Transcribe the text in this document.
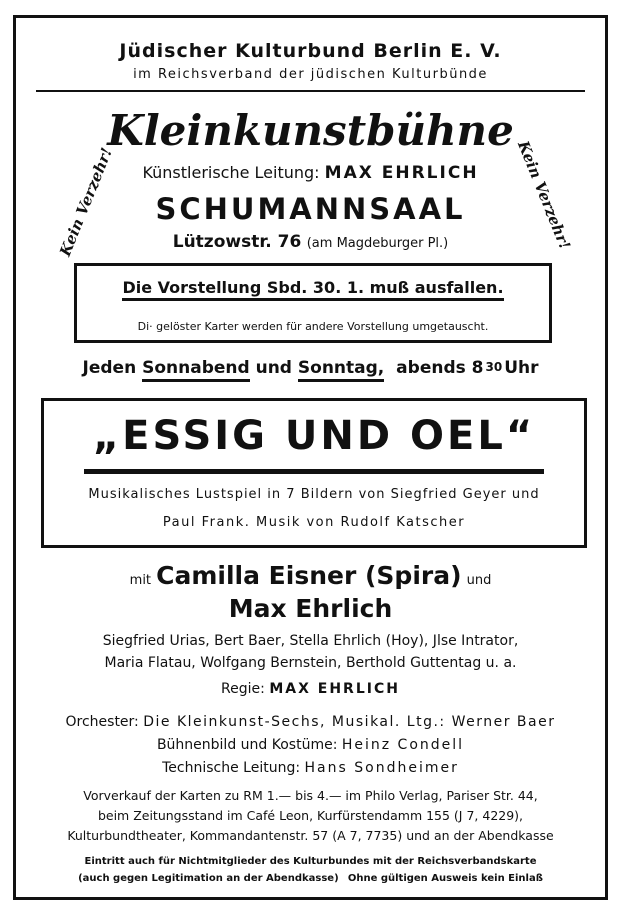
Jüdischer Kulturbund Berlin E. V.
im Reichsverband der jüdischen Kulturbünde
Kein Verzehr!	Kein Verzehr!
Kleinkunstbühne
Künstlerische Leitung: MAX EHRLICH
SCHUMANNSAAL
Lützowstr. 76 (am Magdeburger Pl.)
Die Vorstellung Sbd. 30. 1. muß ausfallen.
Di· gelöster Karter werden für andere Vorstellung umgetauscht.
Jeden Sonnabend und Sonntag, abends 8 30 Uhr
„ESSIG UND OEL“
Musikalisches Lustspiel in 7 Bildern von Siegfried Geyer und
Paul Frank. Musik von Rudolf Katscher
mit Camilla Eisner (Spira) und
Max Ehrlich
Siegfried Urias, Bert Baer, Stella Ehrlich (Hoy), Jlse Intrator,
Maria Flatau, Wolfgang Bernstein, Berthold Guttentag u. a.
Regie: MAX EHRLICH
Orchester: Die Kleinkunst-Sechs, Musikal. Ltg.: Werner Baer
Bühnenbild und Kostüme: Heinz Condell
Technische Leitung: Hans Sondheimer
Vorverkauf der Karten zu RM 1.— bis 4.— im Philo Verlag, Pariser Str. 44,
beim Zeitungsstand im Café Leon, Kurfürstendamm 155 (J 7, 4229),
Kulturbundtheater, Kommandantenstr. 57 (A 7, 7735) und an der Abendkasse
Eintritt auch für Nichtmitglieder des Kulturbundes mit der Reichsverbandskarte
(auch gegen Legitimation an der Abendkasse) Ohne gültigen Ausweis kein Einlaß
